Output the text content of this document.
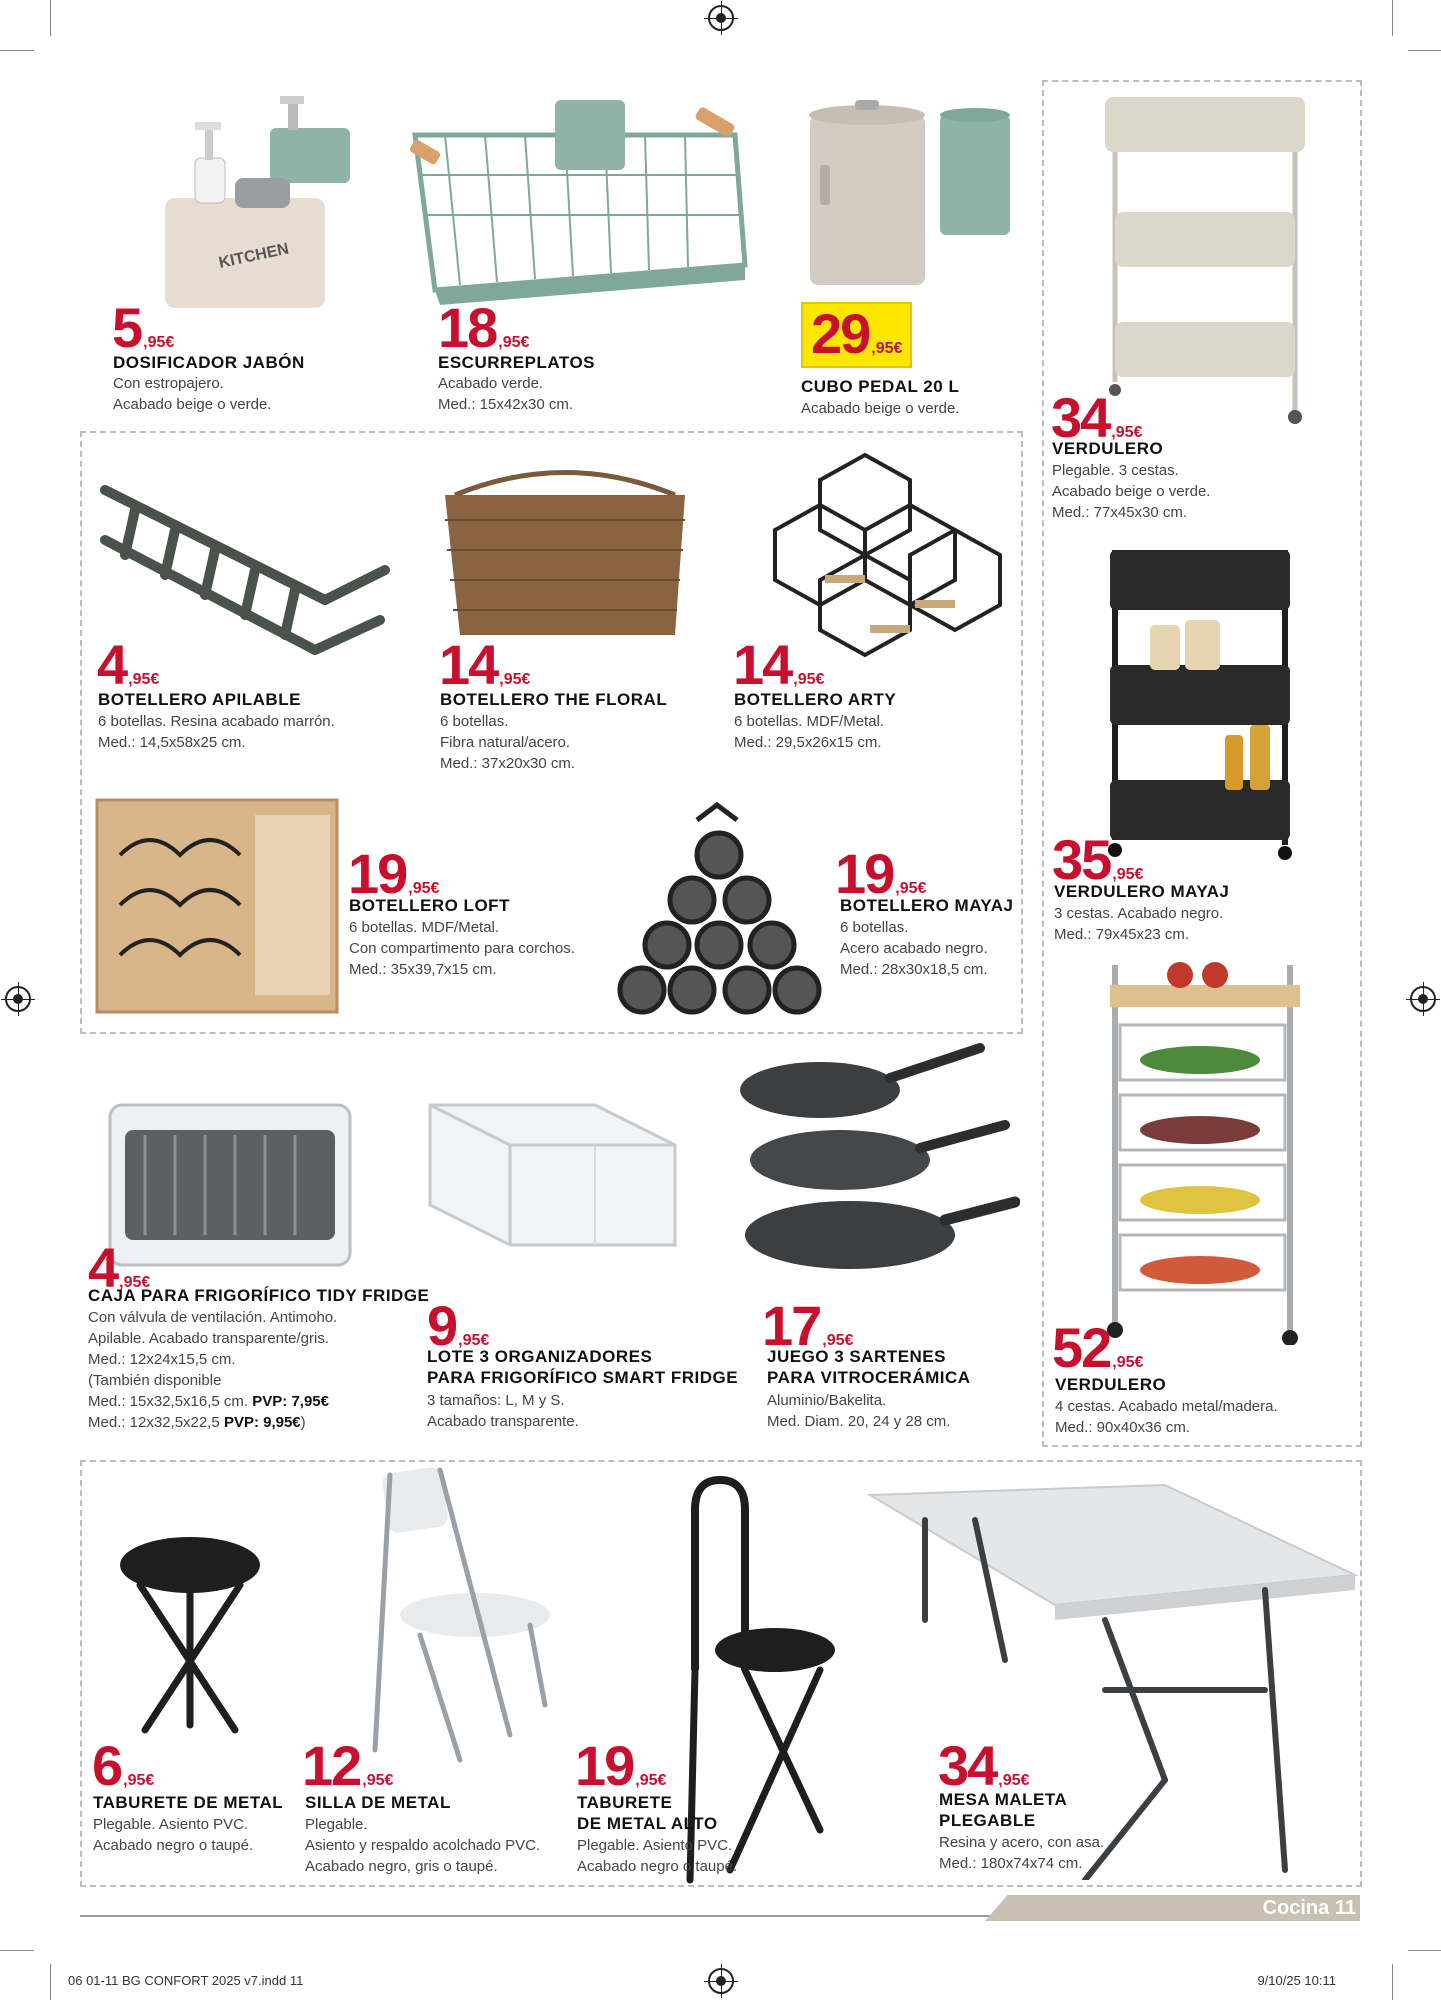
KITCHEN
5 ,95€
DOSIFICADOR JABÓN
Con estropajero.
Acabado beige o verde.
18 ,95€
ESCURREPLATOS
Acabado verde.
Med.: 15x42x30 cm.
29 ,95€
CUBO PEDAL 20 L
Acabado beige o verde. 34 ,95€
VERDULERO
Plegable. 3 cestas.
Acabado beige o verde.
Med.: 77x45x30 cm.
4 ,95€
BOTELLERO APILABLE
6 botellas. Resina acabado marrón.
Med.: 14,5x58x25 cm.
14 ,95€
BOTELLERO THE FLORAL
6 botellas.
Fibra natural/acero.
Med.: 37x20x30 cm.
14 ,95€
BOTELLERO ARTY
6 botellas. MDF/Metal.
Med.: 29,5x26x15 cm.
19 ,95€
BOTELLERO LOFT
6 botellas. MDF/Metal.
Con compartimento para corchos.
Med.: 35x39,7x15 cm.
19 ,95€
BOTELLERO MAYAJ
6 botellas.
Acero acabado negro.
Med.: 28x30x18,5 cm.
35 ,95€
VERDULERO MAYAJ
3 cestas. Acabado negro.
Med.: 79x45x23 cm.
4 ,95€
CAJA PARA FRIGORÍFICO TIDY FRIDGE
Con válvula de ventilación. Antimoho.
Apilable. Acabado transparente/gris.
Med.: 12x24x15,5 cm.
(También disponible
Med.: 15x32,5x16,5 cm. PVP: 7,95€
Med.: 12x32,5x22,5 PVP: 9,95€)
9 ,95€
LOTE 3 ORGANIZADORES
PARA FRIGORÍFICO SMART FRIDGE
3 tamaños: L, M y S.
Acabado transparente.
17 ,95€
JUEGO 3 SARTENES
PARA VITROCERÁMICA
Aluminio/Bakelita.
Med. Diam. 20, 24 y 28 cm.
52 ,95€
VERDULERO
4 cestas. Acabado metal/madera.
Med.: 90x40x36 cm.
6 ,95€
TABURETE DE METAL
Plegable. Asiento PVC.
Acabado negro o taupé.
12 ,95€
SILLA DE METAL
Plegable.
Asiento y respaldo acolchado PVC.
Acabado negro, gris o taupé.
19 ,95€
TABURETE
DE METAL ALTO
Plegable. Asiento PVC.
Acabado negro o taupé.
34 ,95€
MESA MALETA
PLEGABLE
Resina y acero, con asa.
Med.: 180x74x74 cm.
Cocina 11
06 01-11 BG CONFORT 2025 v7.indd 11	9/10/25 10:11
